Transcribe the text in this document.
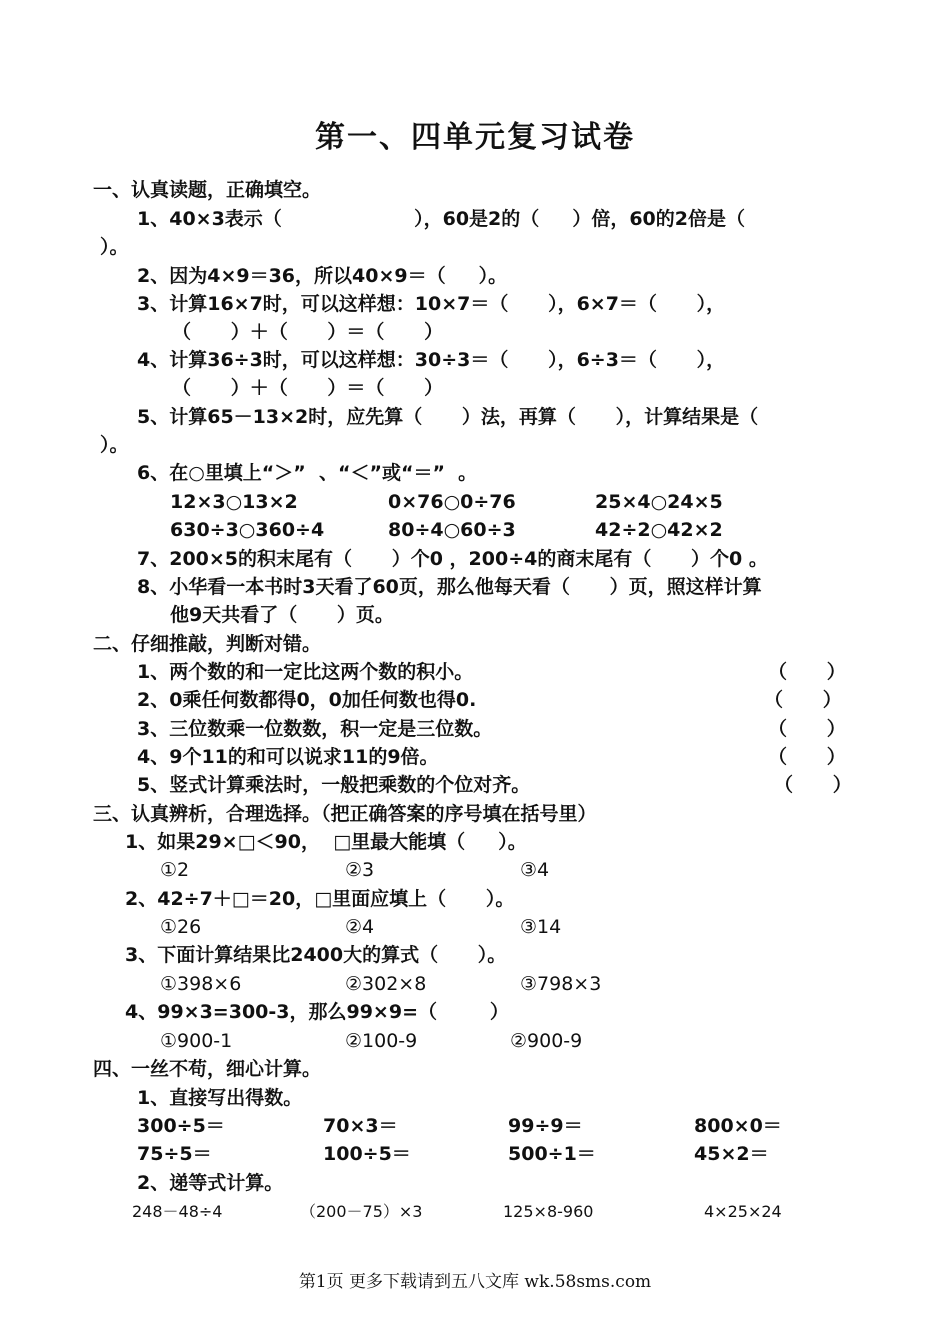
第一、四单元复习试卷
一、认真读题，正确填空。
1、40×3表示（                    ），60是2的（     ）倍，60的2倍是（
）。
2、因为4×9＝36，所以40×9＝（     ）。
3、计算16×7时，可以这样想：10×7＝（      ），6×7＝（      ），
（      ）＋（      ）＝（      ）
4、计算36÷3时，可以这样想：30÷3＝（      ），6÷3＝（      ），
（      ）＋（      ）＝（      ）
5、计算65－13×2时，应先算（      ）法，再算（      ），计算结果是（
）。
6、在○里填上“＞”  、“＜”或“＝”  。
12×3○13×2	0×76○0÷76	25×4○24×5
630÷3○360÷4	80÷4○60÷3	42÷2○42×2
7、200×5的积末尾有（      ）个0 ，200÷4的商末尾有（      ）个0 。
8、小华看一本书时3天看了60页，那么他每天看（      ）页，照这样计算
他9天共看了（      ）页。
二、仔细推敲，判断对错。
1、两个数的和一定比这两个数的积小。	（      ）
2、0乘任何数都得0，0加任何数也得0.	（      ）
3、三位数乘一位数数，积一定是三位数。	（      ）
4、9个11的和可以说求11的9倍。	（      ）
5、竖式计算乘法时，一般把乘数的个位对齐。	（      ）
三、认真辨析，合理选择。（把正确答案的序号填在括号里）
1、如果29×□＜90，  □里最大能填（     ）。
①2	②3	③4
2、42÷7＋□＝20，□里面应填上（      ）。
①26	②4	③14
3、下面计算结果比2400大的算式（      ）。
①398×6	②302×8	③798×3
4、99×3=300-3，那么99×9=（        ）
①900-1	②100-9	②900-9
四、一丝不苟，细心计算。
1、直接写出得数。
300÷5＝	70×3＝	99÷9＝	800×0＝
75÷5＝	100÷5＝	500÷1＝	45×2＝
2、递等式计算。
248－48÷4	（200－75）×3	125×8-960	4×25×24
第1页 更多下载请到五八文库 wk.58sms.com
